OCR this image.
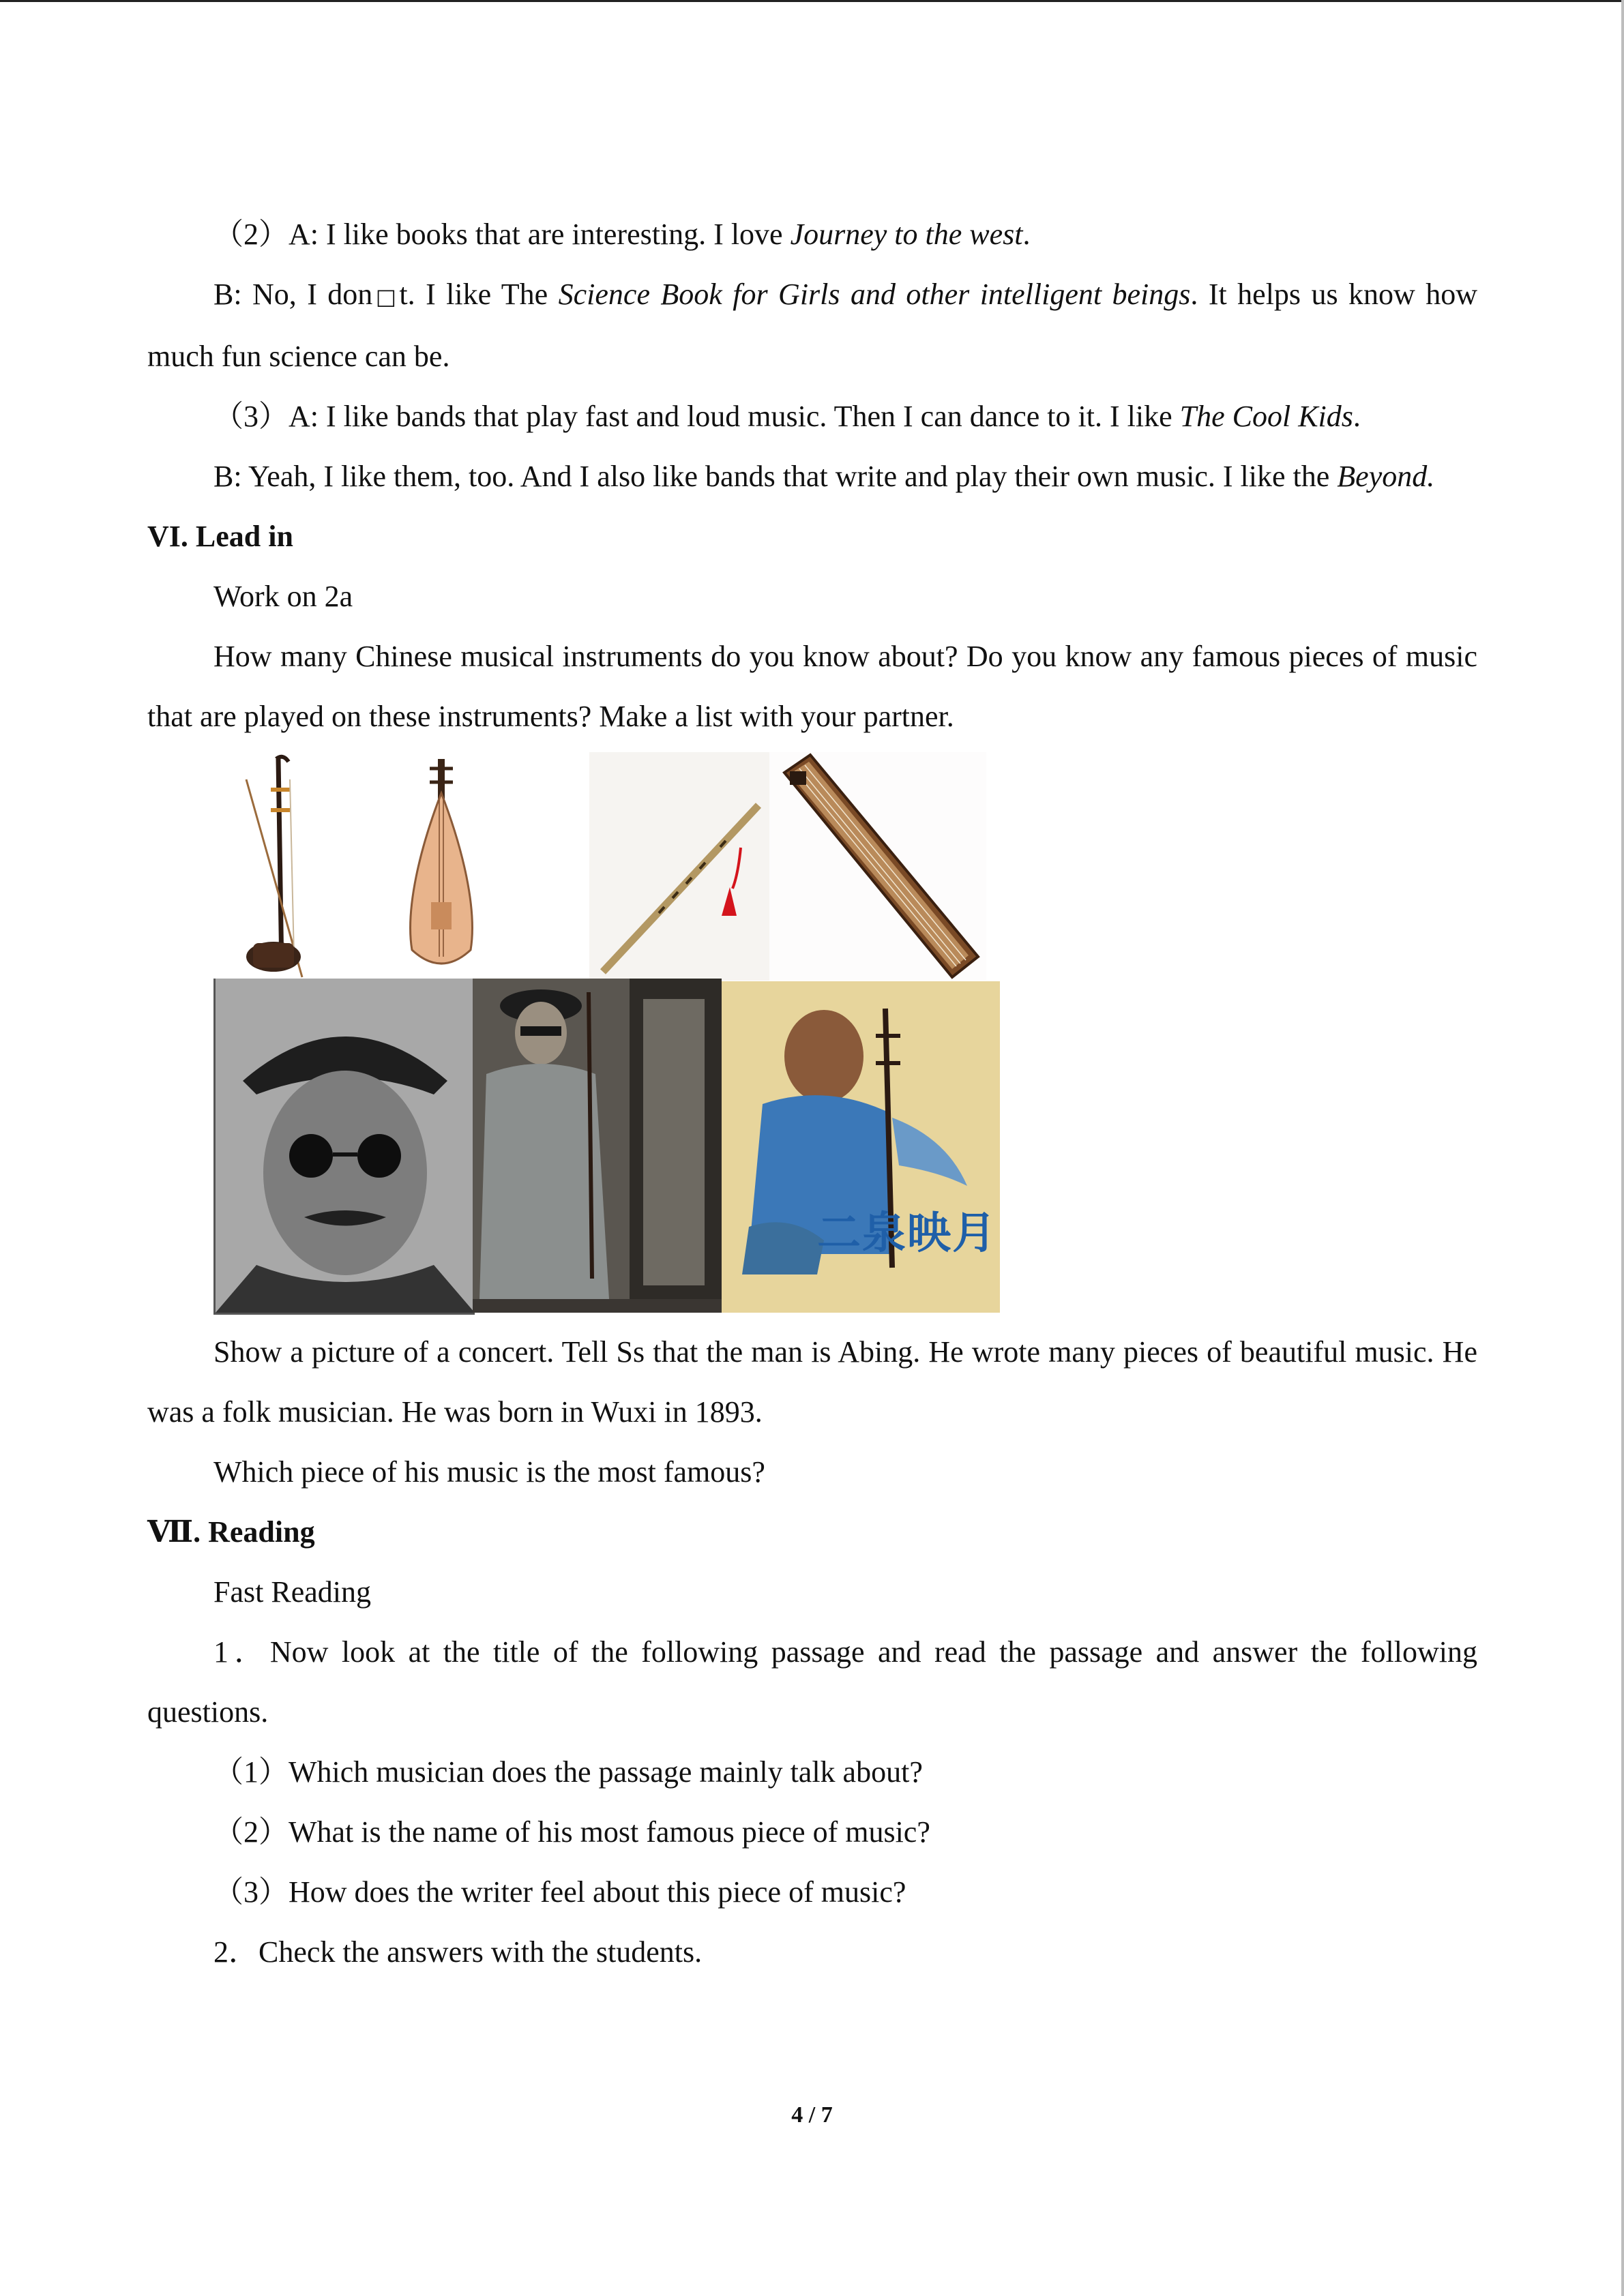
（2）A: I like books that are interesting. I love Journey to the west.

B: No, I don□t. I like The Science Book for Girls and other intelligent beings. It helps us know how much fun science can be.

（3）A: I like bands that play fast and loud music. Then I can dance to it. I like The Cool Kids.

B: Yeah, I like them, too. And I also like bands that write and play their own music. I like the Beyond.

VI. Lead in

Work on 2a

How many Chinese musical instruments do you know about? Do you know any famous pieces of music that are played on these instruments? Make a list with your partner.

二泉映月

Show a picture of a concert. Tell Ss that the man is Abing. He wrote many pieces of beautiful music. He was a folk musician. He was born in Wuxi in 1893.

Which piece of his music is the most famous?

Ⅶ. Reading

Fast Reading

1．Now look at the title of the following passage and read the passage and answer the following questions.

（1）Which musician does the passage mainly talk about?

（2）What is the name of his most famous piece of music?

（3）How does the writer feel about this piece of music?

2．Check the answers with the students.

4 / 7
